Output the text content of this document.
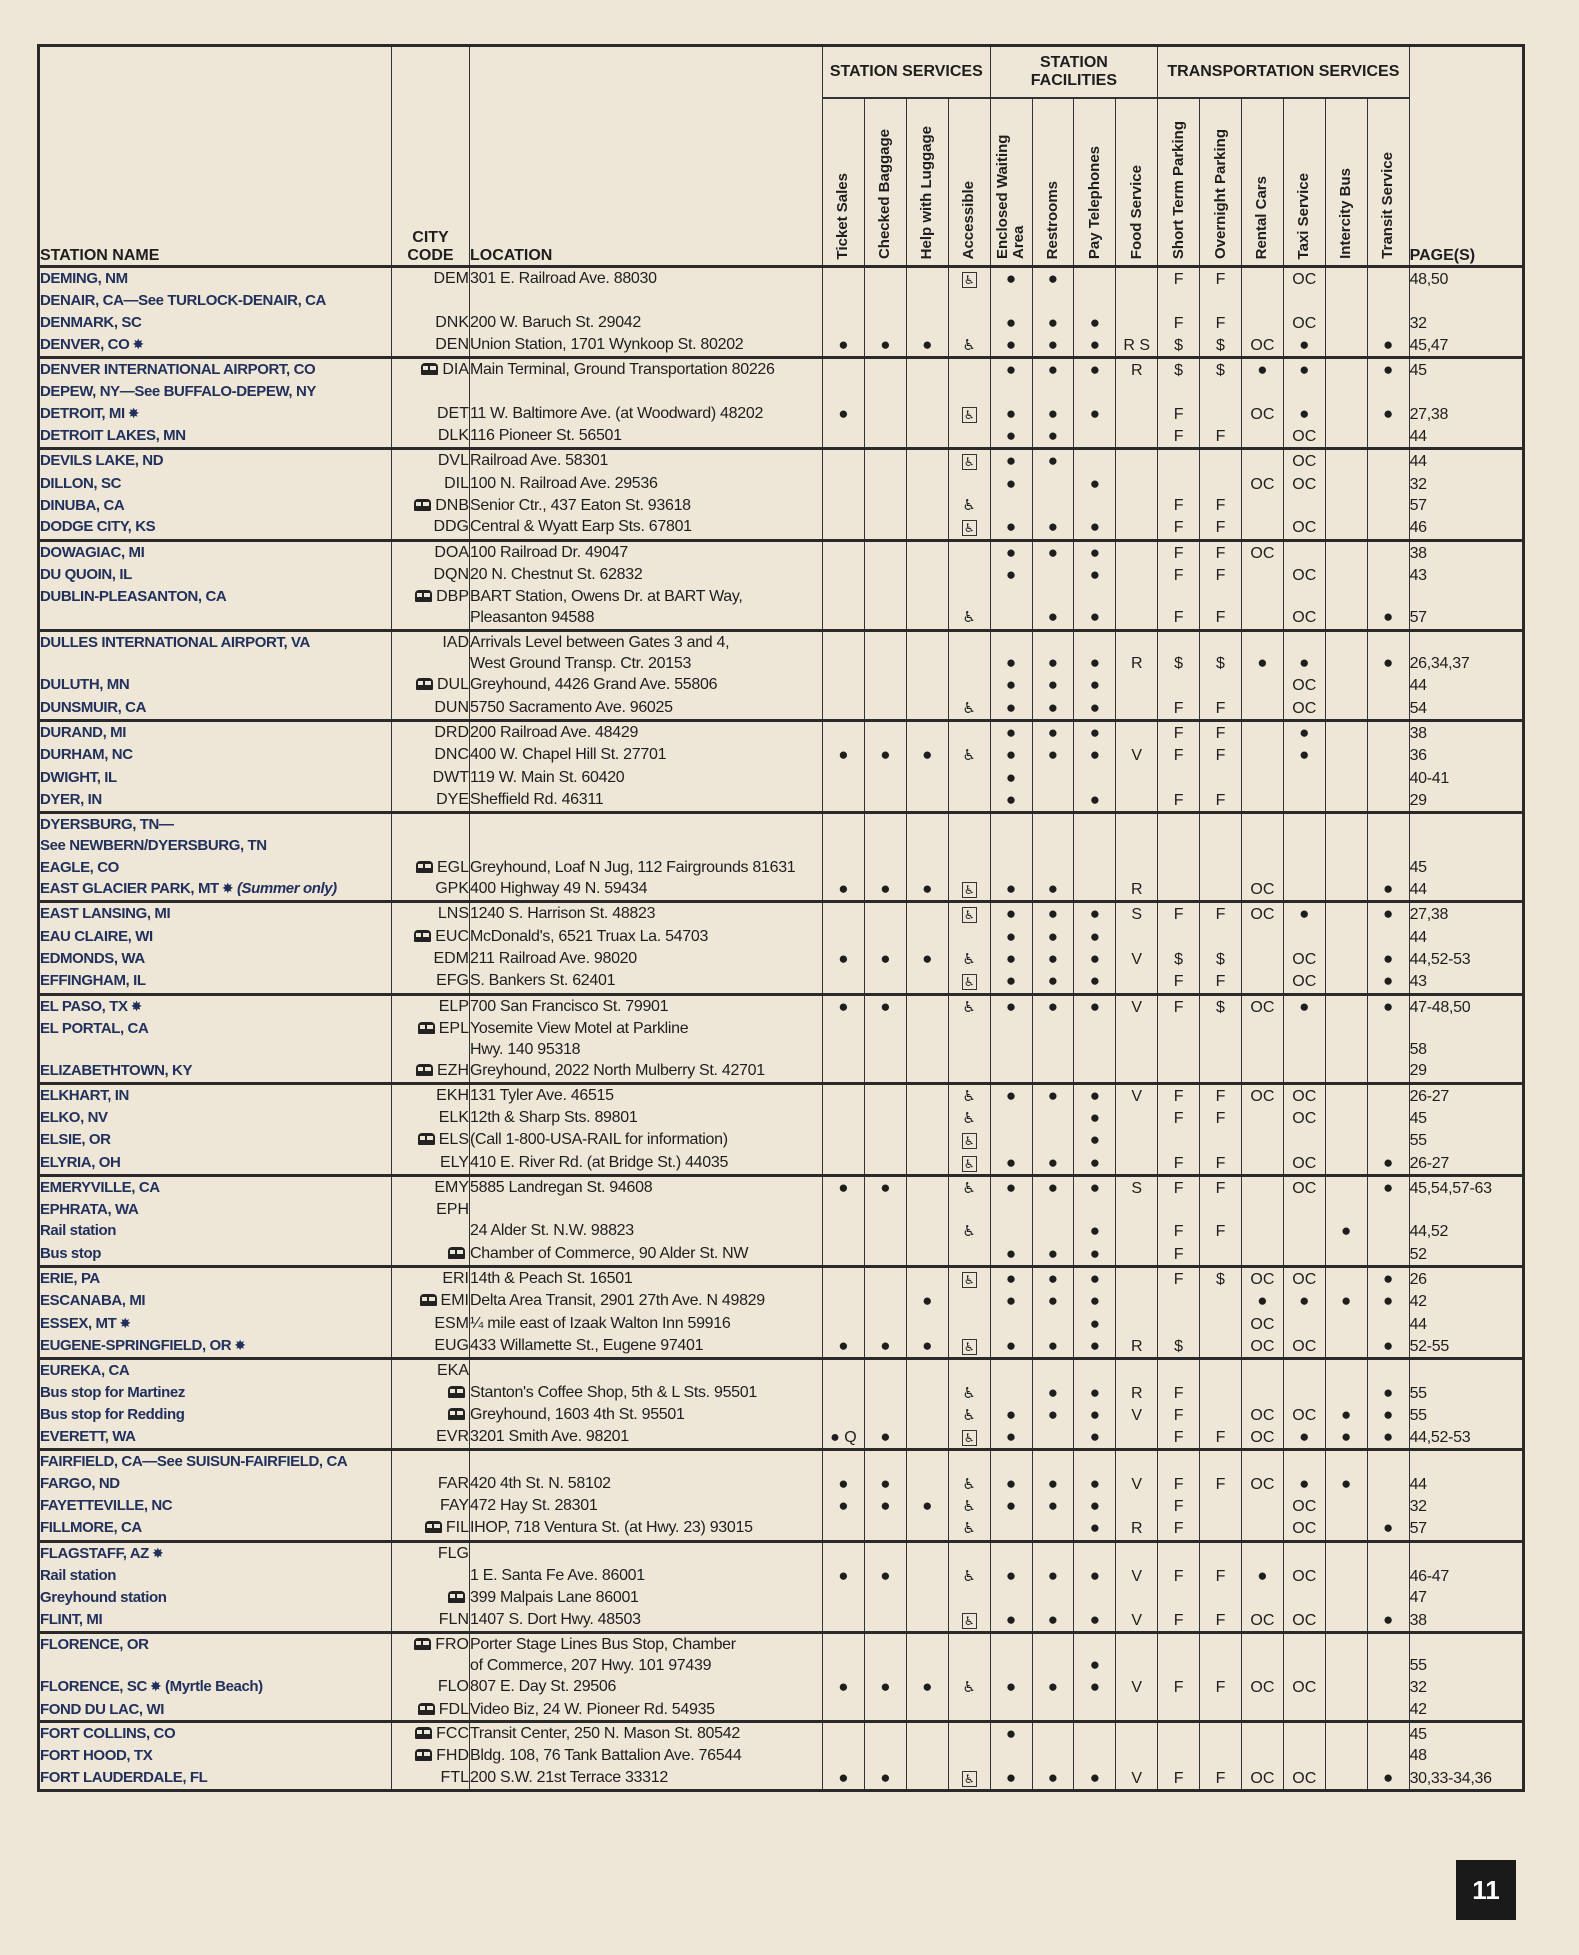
STATION NAME	CITY
CODE	LOCATION	STATION SERVICES				STATION FACILITIES				TRANSPORTATION SERVICES						PAGE(S)

			Ticket Sales	Checked Baggage	Help with Luggage	Accessible	Enclosed Waiting Area	Restrooms	Pay Telephones	Food Service	Short Term Parking	Overnight Parking	Rental Cars	Taxi Service	Intercity Bus	Transit Service	

DEMING, NM	DEM	301 E. Railroad Ave. 88030				♿	●	●			F	F		OC			48,50
DENAIR, CA—See TURLOCK-DENAIR, CA																	
DENMARK, SC	DNK	200 W. Baruch St. 29042					●	●	●		F	F		OC			32
DENVER, CO ✸	DEN	Union Station, 1701 Wynkoop St. 80202	●	●	●	♿	●	●	●	R S	$	$	OC	●		●	45,47
DENVER INTERNATIONAL AIRPORT, CO	DIA	Main Terminal, Ground Transportation 80226					●	●	●	R	$	$	●	●		●	45
DEPEW, NY—See BUFFALO-DEPEW, NY																	
DETROIT, MI ✸	DET	11 W. Baltimore Ave. (at Woodward) 48202	●			♿	●	●	●		F		OC	●		●	27,38
DETROIT LAKES, MN	DLK	116 Pioneer St. 56501					●	●			F	F		OC			44
DEVILS LAKE, ND	DVL	Railroad Ave. 58301				♿	●	●						OC			44
DILLON, SC	DIL	100 N. Railroad Ave. 29536					●		●				OC	OC			32
DINUBA, CA	DNB	Senior Ctr., 437 Eaton St. 93618				♿					F	F					57
DODGE CITY, KS	DDG	Central & Wyatt Earp Sts. 67801				♿	●	●	●		F	F		OC			46
DOWAGIAC, MI	DOA	100 Railroad Dr. 49047					●	●	●		F	F	OC				38
DU QUOIN, IL	DQN	20 N. Chestnut St. 62832					●		●		F	F		OC			43
DUBLIN-PLEASANTON, CA	DBP	BART Station, Owens Dr. at BART Way,
Pleasanton 94588				♿		●	●		F	F		OC		●	57
DULLES INTERNATIONAL AIRPORT, VA	IAD	Arrivals Level between Gates 3 and 4,
West Ground Transp. Ctr. 20153					●	●	●	R	$	$	●	●		●	26,34,37
DULUTH, MN	DUL	Greyhound, 4426 Grand Ave. 55806					●	●	●					OC			44
DUNSMUIR, CA	DUN	5750 Sacramento Ave. 96025				♿	●	●	●		F	F		OC			54
DURAND, MI	DRD	200 Railroad Ave. 48429					●	●	●		F	F		●			38
DURHAM, NC	DNC	400 W. Chapel Hill St. 27701	●	●	●	♿	●	●	●	V	F	F		●			36
DWIGHT, IL	DWT	119 W. Main St. 60420					●										40-41
DYER, IN	DYE	Sheffield Rd. 46311					●		●		F	F					29
DYERSBURG, TN—																	
See NEWBERN/DYERSBURG, TN																	
EAGLE, CO	EGL	Greyhound, Loaf N Jug, 112 Fairgrounds 81631															45
EAST GLACIER PARK, MT ✸ (Summer only)	GPK	400 Highway 49 N. 59434	●	●	●	♿	●	●		R			OC			●	44
EAST LANSING, MI	LNS	1240 S. Harrison St. 48823				♿	●	●	●	S	F	F	OC	●		●	27,38
EAU CLAIRE, WI	EUC	McDonald's, 6521 Truax La. 54703					●	●	●								44
EDMONDS, WA	EDM	211 Railroad Ave. 98020	●	●	●	♿	●	●	●	V	$	$		OC		●	44,52-53
EFFINGHAM, IL	EFG	S. Bankers St. 62401				♿	●	●	●		F	F		OC		●	43
EL PASO, TX ✸	ELP	700 San Francisco St. 79901	●	●		♿	●	●	●	V	F	$	OC	●		●	47-48,50
EL PORTAL, CA	EPL	Yosemite View Motel at Parkline
Hwy. 140 95318															58
ELIZABETHTOWN, KY	EZH	Greyhound, 2022 North Mulberry St. 42701															29
ELKHART, IN	EKH	131 Tyler Ave. 46515				♿	●	●	●	V	F	F	OC	OC			26-27
ELKO, NV	ELK	12th & Sharp Sts. 89801				♿			●		F	F		OC			45
ELSIE, OR	ELS	(Call 1-800-USA-RAIL for information)				♿			●								55
ELYRIA, OH	ELY	410 E. River Rd. (at Bridge St.) 44035				♿	●	●	●		F	F		OC		●	26-27
EMERYVILLE, CA	EMY	5885 Landregan St. 94608	●	●		♿	●	●	●	S	F	F		OC		●	45,54,57-63
EPHRATA, WA	EPH																
Rail station		24 Alder St. N.W. 98823				♿			●		F	F			●		44,52
Bus stop		Chamber of Commerce, 90 Alder St. NW					●	●	●		F						52
ERIE, PA	ERI	14th & Peach St. 16501				♿	●	●	●		F	$	OC	OC		●	26
ESCANABA, MI	EMI	Delta Area Transit, 2901 27th Ave. N 49829			●		●	●	●				●	●	●	●	42
ESSEX, MT ✸	ESM	¼ mile east of Izaak Walton Inn 59916							●				OC				44
EUGENE-SPRINGFIELD, OR ✸	EUG	433 Willamette St., Eugene 97401	●	●	●	♿	●	●	●	R	$		OC	OC		●	52-55
EUREKA, CA	EKA																
Bus stop for Martinez		Stanton's Coffee Shop, 5th & L Sts. 95501				♿		●	●	R	F					●	55
Bus stop for Redding		Greyhound, 1603 4th St. 95501				♿	●	●	●	V	F		OC	OC	●	●	55
EVERETT, WA	EVR	3201 Smith Ave. 98201	● Q	●		♿	●		●		F	F	OC	●	●	●	44,52-53
FAIRFIELD, CA—See SUISUN-FAIRFIELD, CA																	
FARGO, ND	FAR	420 4th St. N. 58102	●	●		♿	●	●	●	V	F	F	OC	●	●		44
FAYETTEVILLE, NC	FAY	472 Hay St. 28301	●	●	●	♿	●	●	●		F			OC			32
FILLMORE, CA	FIL	IHOP, 718 Ventura St. (at Hwy. 23) 93015				♿			●	R	F			OC		●	57
FLAGSTAFF, AZ ✸	FLG																
Rail station		1 E. Santa Fe Ave. 86001	●	●		♿	●	●	●	V	F	F	●	OC			46-47
Greyhound station		399 Malpais Lane 86001															47
FLINT, MI	FLN	1407 S. Dort Hwy. 48503				♿	●	●	●	V	F	F	OC	OC		●	38
FLORENCE, OR	FRO	Porter Stage Lines Bus Stop, Chamber
of Commerce, 207 Hwy. 101 97439							●								55
FLORENCE, SC ✸ (Myrtle Beach)	FLO	807 E. Day St. 29506	●	●	●	♿	●	●	●	V	F	F	OC	OC			32
FOND DU LAC, WI	FDL	Video Biz, 24 W. Pioneer Rd. 54935															42
FORT COLLINS, CO	FCC	Transit Center, 250 N. Mason St. 80542					●										45
FORT HOOD, TX	FHD	Bldg. 108, 76 Tank Battalion Ave. 76544															48
FORT LAUDERDALE, FL	FTL	200 S.W. 21st Terrace 33312	●	●		♿	●	●	●	V	F	F	OC	OC		●	30,33-34,36
11
